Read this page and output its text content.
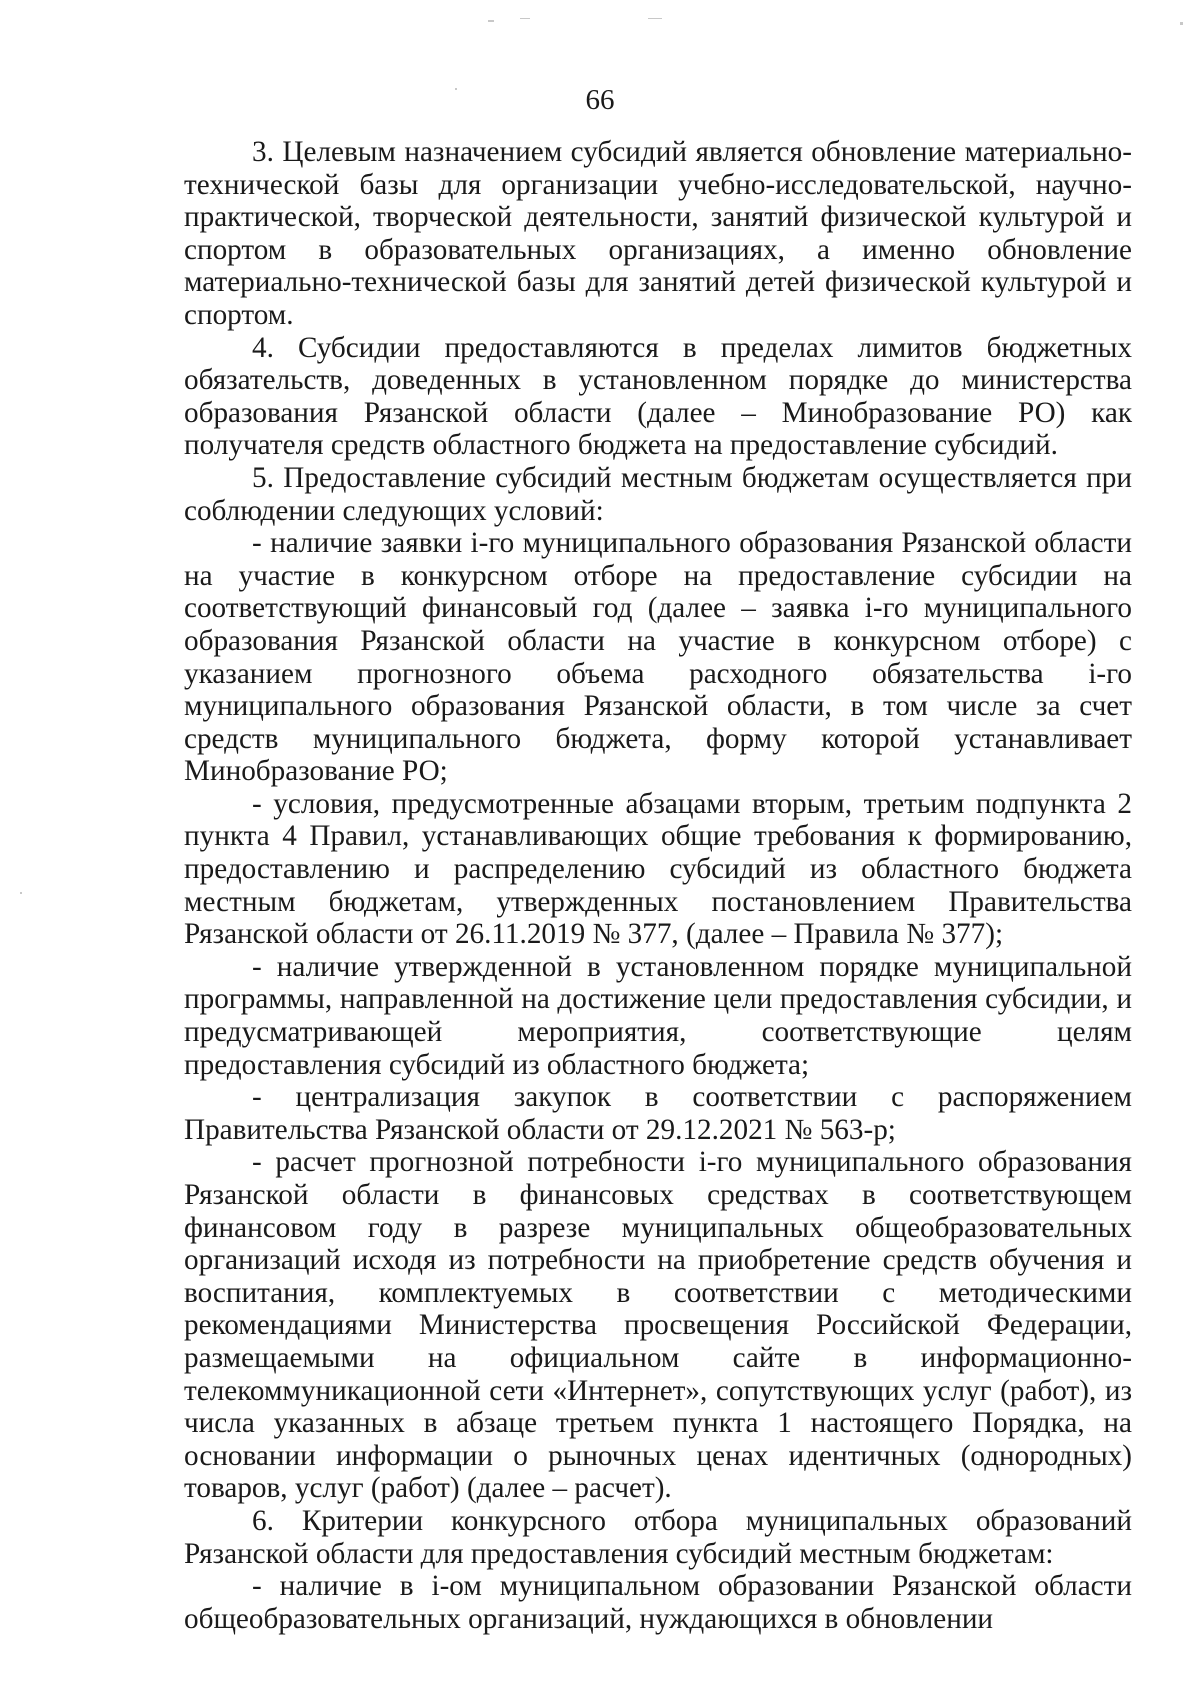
66

3. Целевым назначением субсидий является обновление материально-технической базы для организации учебно-исследовательской, научно-практической, творческой деятельности, занятий физической культурой и спортом в образовательных организациях, а именно обновление материально-технической базы для занятий детей физической культурой и спортом.

4. Субсидии предоставляются в пределах лимитов бюджетных обязательств, доведенных в установленном порядке до министерства образования Рязанской области (далее – Минобразование РО) как получателя средств областного бюджета на предоставление субсидий.

5. Предоставление субсидий местным бюджетам осуществляется при соблюдении следующих условий:

- наличие заявки i-го муниципального образования Рязанской области на участие в конкурсном отборе на предоставление субсидии на соответствующий финансовый год (далее – заявка i-го муниципального образования Рязанской области на участие в конкурсном отборе) с указанием прогнозного объема расходного обязательства i-го муниципального образования Рязанской области, в том числе за счет средств муниципального бюджета, форму которой устанавливает Минобразование РО;

- условия, предусмотренные абзацами вторым, третьим подпункта 2 пункта 4 Правил, устанавливающих общие требования к формированию, предоставлению и распределению субсидий из областного бюджета местным бюджетам, утвержденных постановлением Правительства Рязанской области от 26.11.2019 № 377, (далее – Правила № 377);

- наличие утвержденной в установленном порядке муниципальной программы, направленной на достижение цели предоставления субсидии, и предусматривающей мероприятия, соответствующие целям предоставления субсидий из областного бюджета;

- централизация закупок в соответствии с распоряжением Правительства Рязанской области от 29.12.2021 № 563-р;

- расчет прогнозной потребности i-го муниципального образования Рязанской области в финансовых средствах в соответствующем финансовом году в разрезе муниципальных общеобразовательных организаций исходя из потребности на приобретение средств обучения и воспитания, комплектуемых в соответствии с методическими рекомендациями Министерства просвещения Российской Федерации, размещаемыми на официальном сайте в информационно-телекоммуникационной сети «Интернет», сопутствующих услуг (работ), из числа указанных в абзаце третьем пункта 1 настоящего Порядка, на основании информации о рыночных ценах идентичных (однородных) товаров, услуг (работ) (далее – расчет).

6. Критерии конкурсного отбора муниципальных образований Рязанской области для предоставления субсидий местным бюджетам:

- наличие в i-ом муниципальном образовании Рязанской области общеобразовательных организаций, нуждающихся в обновлении
